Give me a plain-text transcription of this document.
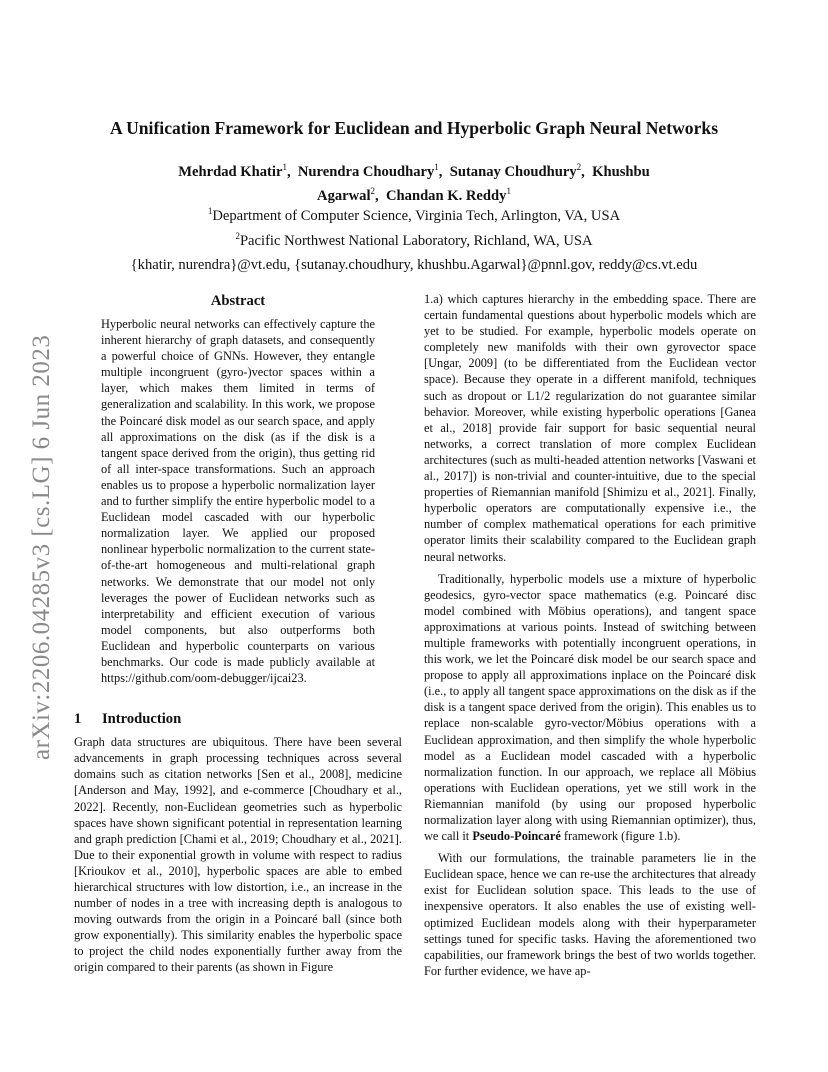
arXiv:2206.04285v3 [cs.LG] 6 Jun 2023
A Unification Framework for Euclidean and Hyperbolic Graph Neural Networks
Mehrdad Khatir$^1$, Nurendra Choudhary$^1$, Sutanay Choudhury$^2$, Khushbu
Agarwal$^2$, Chandan K. Reddy$^1$
$^1$Department of Computer Science, Virginia Tech, Arlington, VA, USA
$^2$Pacific Northwest National Laboratory, Richland, WA, USA
{khatir, nurendra}@vt.edu, {sutanay.choudhury, khushbu.Agarwal}@pnnl.gov, reddy@cs.vt.edu
Abstract

Hyperbolic neural networks can effectively capture the inherent hierarchy of graph datasets, and consequently a powerful choice of GNNs. However, they entangle multiple incongruent (gyro-)vector spaces within a layer, which makes them limited in terms of generalization and scalability. In this work, we propose the Poincaré disk model as our search space, and apply all approximations on the disk (as if the disk is a tangent space derived from the origin), thus getting rid of all inter-space transformations. Such an approach enables us to propose a hyperbolic normalization layer and to further simplify the entire hyperbolic model to a Euclidean model cascaded with our hyperbolic normalization layer. We applied our proposed nonlinear hyperbolic normalization to the current state-of-the-art homogeneous and multi-relational graph networks. We demonstrate that our model not only leverages the power of Euclidean networks such as interpretability and efficient execution of various model components, but also outperforms both Euclidean and hyperbolic counterparts on various benchmarks. Our code is made publicly available at https://github.com/oom-debugger/ijcai23.

1 Introduction

Graph data structures are ubiquitous. There have been several advancements in graph processing techniques across several domains such as citation networks [Sen et al., 2008], medicine [Anderson and May, 1992], and e-commerce [Choudhary et al., 2022]. Recently, non-Euclidean geometries such as hyperbolic spaces have shown significant potential in representation learning and graph prediction [Chami et al., 2019; Choudhary et al., 2021]. Due to their exponential growth in volume with respect to radius [Krioukov et al., 2010], hyperbolic spaces are able to embed hierarchical structures with low distortion, i.e., an increase in the number of nodes in a tree with increasing depth is analogous to moving outwards from the origin in a Poincaré ball (since both grow exponentially). This similarity enables the hyperbolic space to project the child nodes exponentially further away from the origin compared to their parents (as shown in Figure

1.a) which captures hierarchy in the embedding space. There are certain fundamental questions about hyperbolic models which are yet to be studied. For example, hyperbolic models operate on completely new manifolds with their own gyrovector space [Ungar, 2009] (to be differentiated from the Euclidean vector space). Because they operate in a different manifold, techniques such as dropout or L1/2 regularization do not guarantee similar behavior. Moreover, while existing hyperbolic operations [Ganea et al., 2018] provide fair support for basic sequential neural networks, a correct translation of more complex Euclidean architectures (such as multi-headed attention networks [Vaswani et al., 2017]) is non-trivial and counter-intuitive, due to the special properties of Riemannian manifold [Shimizu et al., 2021]. Finally, hyperbolic operators are computationally expensive i.e., the number of complex mathematical operations for each primitive operator limits their scalability compared to the Euclidean graph neural networks.

Traditionally, hyperbolic models use a mixture of hyperbolic geodesics, gyro-vector space mathematics (e.g. Poincaré disc model combined with Möbius operations), and tangent space approximations at various points. Instead of switching between multiple frameworks with potentially incongruent operations, in this work, we let the Poincaré disk model be our search space and propose to apply all approximations inplace on the Poincaré disk (i.e., to apply all tangent space approximations on the disk as if the disk is a tangent space derived from the origin). This enables us to replace non-scalable gyro-vector/Möbius operations with a Euclidean approximation, and then simplify the whole hyperbolic model as a Euclidean model cascaded with a hyperbolic normalization function. In our approach, we replace all Möbius operations with Euclidean operations, yet we still work in the Riemannian manifold (by using our proposed hyperbolic normalization layer along with using Riemannian optimizer), thus, we call it Pseudo-Poincaré framework (figure 1.b).

With our formulations, the trainable parameters lie in the Euclidean space, hence we can re-use the architectures that already exist for Euclidean solution space. This leads to the use of inexpensive operators. It also enables the use of existing well-optimized Euclidean models along with their hyperparameter settings tuned for specific tasks. Having the aforementioned two capabilities, our framework brings the best of two worlds together. For further evidence, we have ap-
